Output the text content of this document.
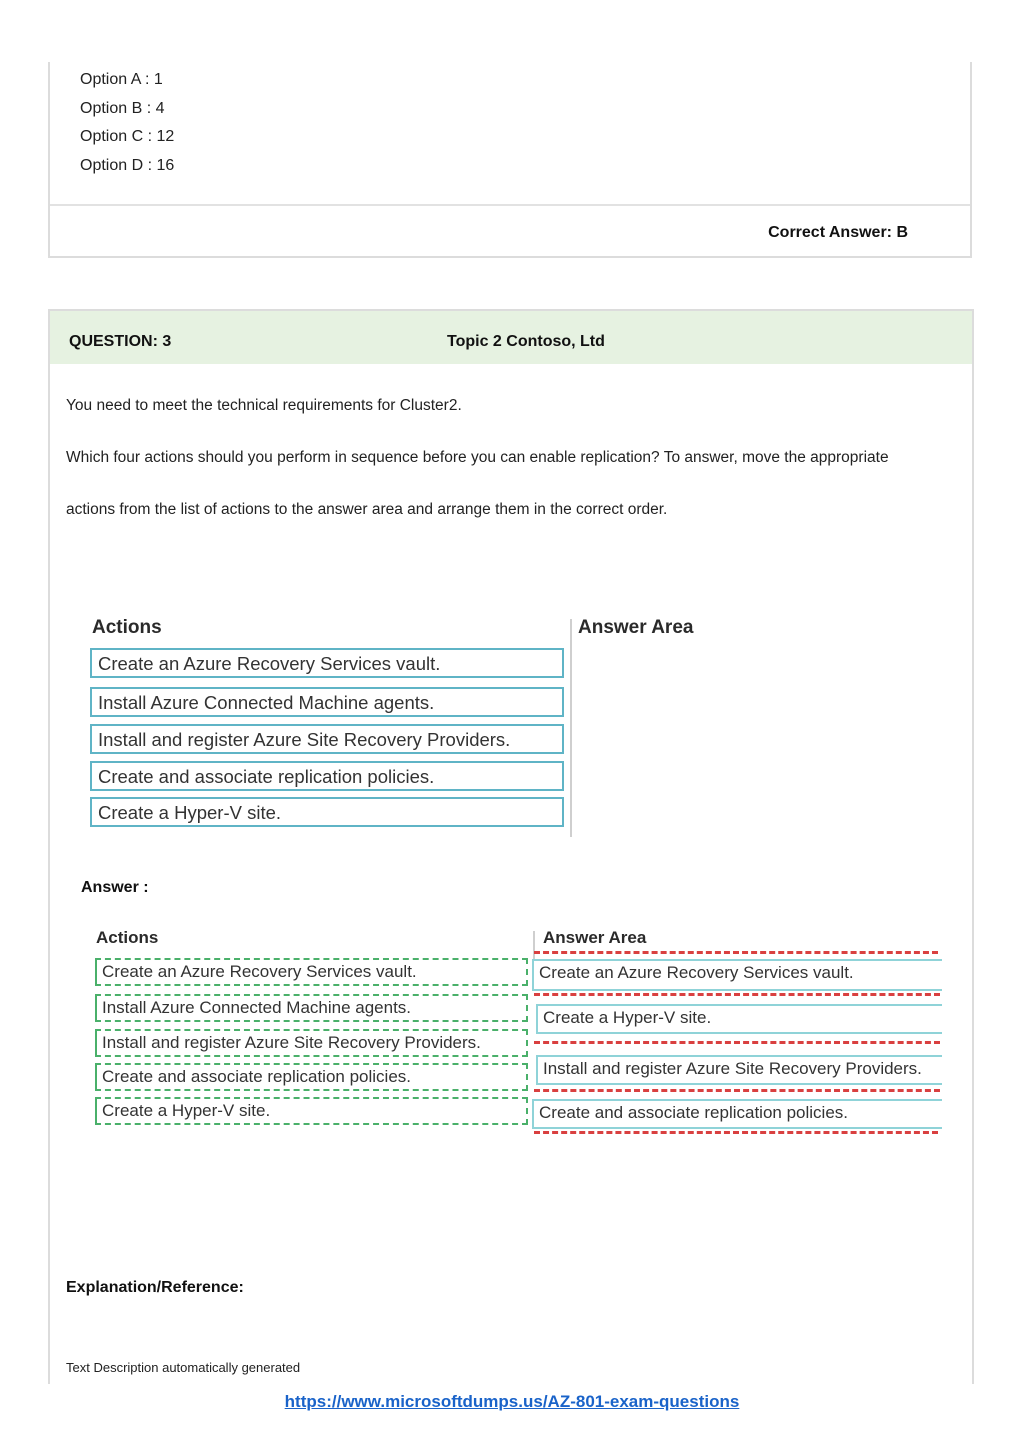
Option A : 1
Option B : 4
Option C : 12
Option D : 16
Correct Answer: B
QUESTION: 3	Topic 2 Contoso, Ltd
You need to meet the technical requirements for Cluster2.
Which four actions should you perform in sequence before you can enable replication? To answer, move the appropriate
actions from the list of actions to the answer area and arrange them in the correct order.
Actions	Answer Area
Create an Azure Recovery Services vault.
Install Azure Connected Machine agents.
Install and register Azure Site Recovery Providers.
Create and associate replication policies.
Create a Hyper-V site.
Answer :
Actions	Answer Area
Create an Azure Recovery Services vault.
Install Azure Connected Machine agents.
Install and register Azure Site Recovery Providers.
Create and associate replication policies.
Create a Hyper-V site.
Create an Azure Recovery Services vault.
Create a Hyper-V site.
Install and register Azure Site Recovery Providers.
Create and associate replication policies.
Explanation/Reference:
Text Description automatically generated
https://www.microsoftdumps.us/AZ-801-exam-questions
